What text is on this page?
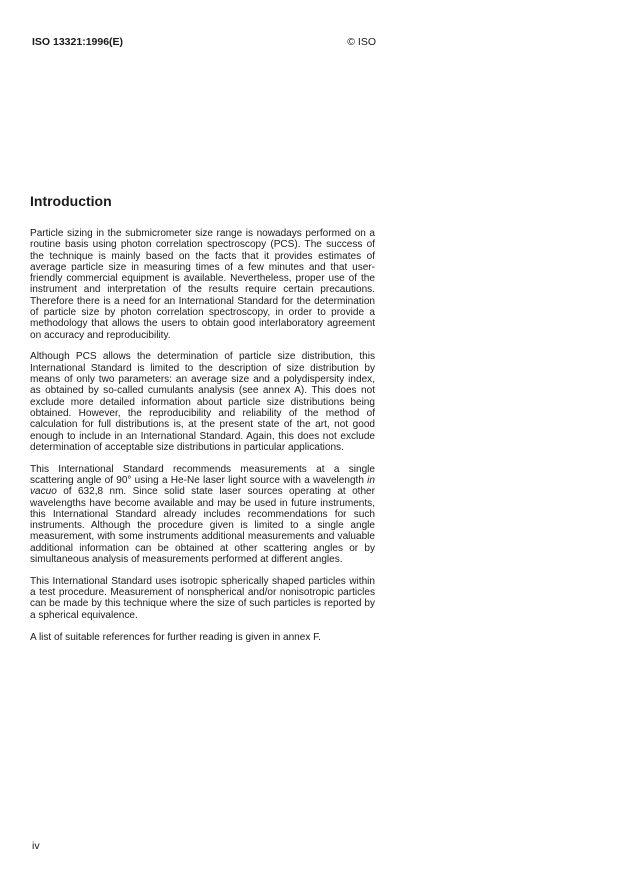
ISO 13321:1996(E)	© ISO
Introduction

Particle sizing in the submicrometer size range is nowadays performed on a routine basis using photon correlation spectroscopy (PCS). The success of the technique is mainly based on the facts that it provides estimates of average particle size in measuring times of a few minutes and that user-friendly commercial equipment is available. Nevertheless, proper use of the instrument and interpretation of the results require certain precautions. Therefore there is a need for an International Standard for the determination of particle size by photon correlation spectroscopy, in order to provide a methodology that allows the users to obtain good interlaboratory agreement on accuracy and reproducibility.

Although PCS allows the determination of particle size distribution, this International Standard is limited to the description of size distribution by means of only two parameters: an average size and a polydispersity index, as obtained by so-called cumulants analysis (see annex A). This does not exclude more detailed information about particle size distributions being obtained. However, the reproducibility and reliability of the method of calculation for full distributions is, at the present state of the art, not good enough to include in an International Standard. Again, this does not exclude determination of acceptable size distributions in particular applications.

This International Standard recommends measurements at a single scattering angle of 90° using a He-Ne laser light source with a wavelength in vacuo of 632,8 nm. Since solid state laser sources operating at other wavelengths have become available and may be used in future instruments, this International Standard already includes recommendations for such instruments. Although the procedure given is limited to a single angle measurement, with some instruments additional measurements and valuable additional information can be obtained at other scattering angles or by simultaneous analysis of measurements performed at different angles.

This International Standard uses isotropic spherically shaped particles within a test procedure. Measurement of nonspherical and/or nonisotropic particles can be made by this technique where the size of such particles is reported by a spherical equivalence.

A list of suitable references for further reading is given in annex F.

iv
